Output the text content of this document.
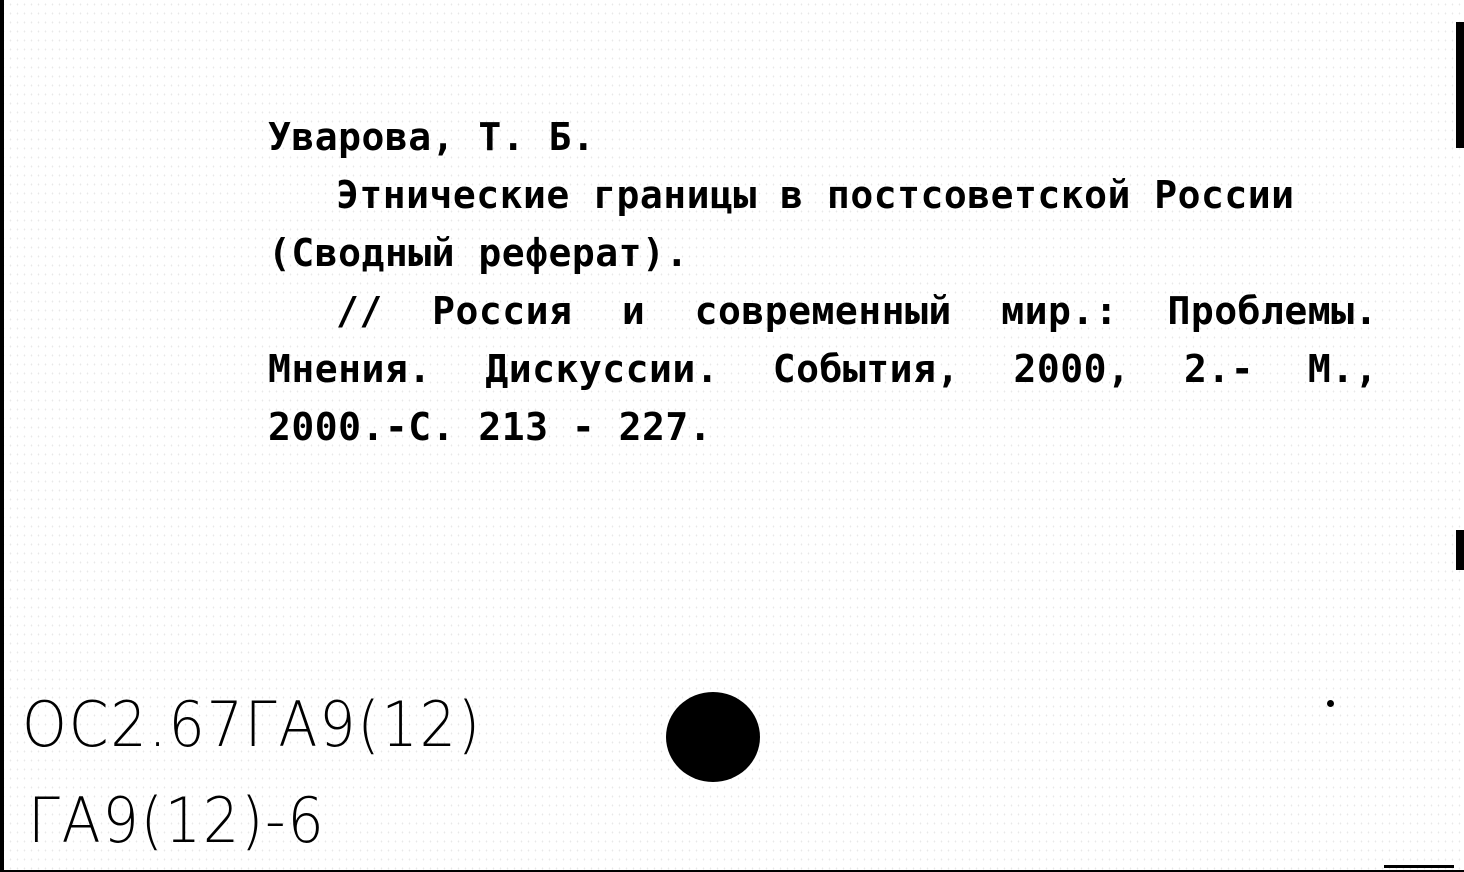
Уварова, Т. Б.
Этнические границы в постсоветской России
(Сводный реферат).
// Россия и современный мир.: Проблемы.
Мнения. Дискуссии. События, 2000, 2.- М.,
2000.-С. 213 - 227.
ОС2.67ГА9(12)
ГА9(12)-6
